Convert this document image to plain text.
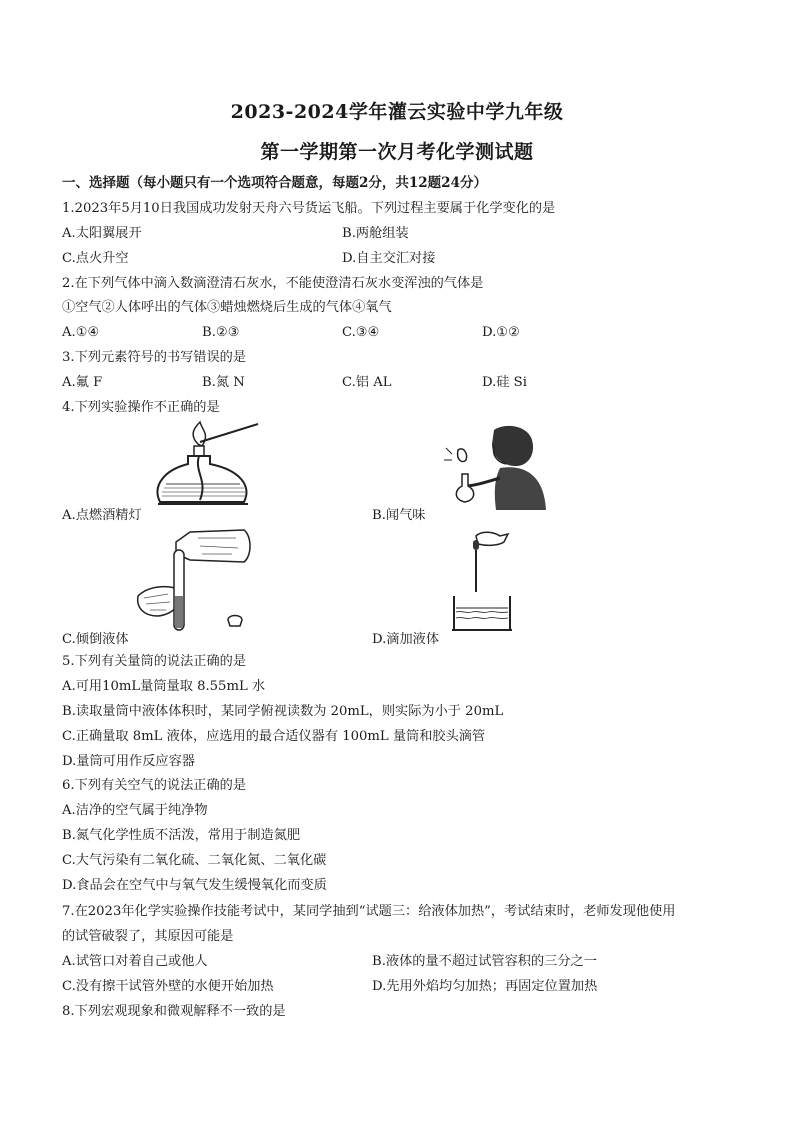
2023-2024学年灌云实验中学九年级
第一学期第一次月考化学测试题
一、选择题（每小题只有一个选项符合题意，每题2分，共12题24分）
1.2023年5月10日我国成功发射天舟六号货运飞船。下列过程主要属于化学变化的是
A.太阳翼展开	B.两舱组装
C.点火升空	D.自主交汇对接
2.在下列气体中滴入数滴澄清石灰水，不能使澄清石灰水变浑浊的气体是
①空气②人体呼出的气体③蜡烛燃烧后生成的气体④氧气
A.①④	B.②③	C.③④	D.①②
3.下列元素符号的书写错误的是
A.氟 F	B.氮 N	C.铝 AL	D.硅 Si
4.下列实验操作不正确的是
A.点燃酒精灯	B.闻气味
C.倾倒液体	D.滴加液体
5.下列有关量筒的说法正确的是
A.可用10mL量筒量取 8.55mL 水
B.读取量筒中液体体积时，某同学俯视读数为 20mL，则实际为小于 20mL
C.正确量取 8mL 液体，应选用的最合适仪器有 100mL 量筒和胶头滴管
D.量筒可用作反应容器
6.下列有关空气的说法正确的是
A.洁净的空气属于纯净物
B.氮气化学性质不活泼，常用于制造氮肥
C.大气污染有二氧化硫、二氧化氮、二氧化碳
D.食品会在空气中与氧气发生缓慢氧化而变质
7.在2023年化学实验操作技能考试中，某同学抽到“试题三：给液体加热”，考试结束时，老师发现他使用
的试管破裂了，其原因可能是
A.试管口对着自己或他人	B.液体的量不超过试管容积的三分之一
C.没有擦干试管外壁的水便开始加热	D.先用外焰均匀加热；再固定位置加热
8.下列宏观现象和微观解释不一致的是
